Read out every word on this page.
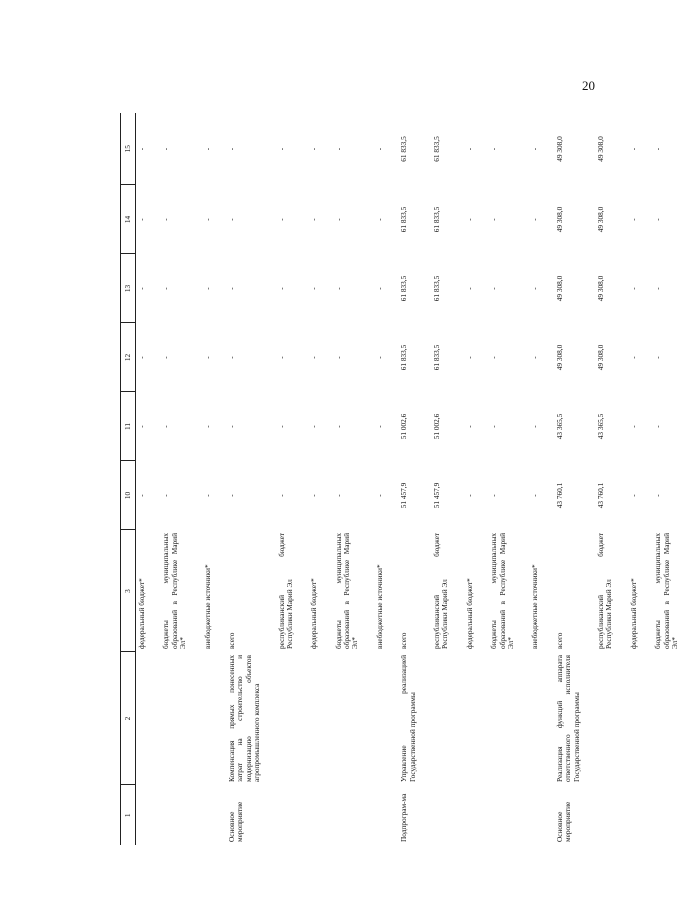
20
1	2	3	10	11	12	13	14	15
		федеральный бюджет*	-	-	-	-	-	-
		бюджеты муниципальных образований в Республике Марий Эл*	-	-	-	-	-	-
		внебюджетные источники*	-	-	-	-	-	-
Основное мероприятие	Компенсация прямых понесенных затрат на строительство и модернизацию объектов агропромышленного комплекса	всего	-	-	-	-	-	-
		республиканский бюджет Республики Марий Эл	-	-	-	-	-	-
		федеральный бюджет*	-	-	-	-	-	-
		бюджеты муниципальных образований в Республике Марий Эл*	-	-	-	-	-	-
		внебюджетные источники*	-	-	-	-	-	-
Подпрограм-ма	Управление реализацией Государственной программы	всего	51 457,9	51 002,6	61 833,5	61 833,5	61 833,5	61 833,5
		республиканский бюджет Республики Марий Эл	51 457,9	51 002,6	61 833,5	61 833,5	61 833,5	61 833,5
		федеральный бюджет*	-	-	-	-	-	-
		бюджеты муниципальных образований в Республике Марий Эл*	-	-	-	-	-	-
		внебюджетные источники*	-	-	-	-	-	-
Основное мероприятие	Реализация функций аппарата ответственного исполнителя Государственной программы	всего	43 760,1	43 365,5	49 308,0	49 308,0	49 308,0	49 308,0
		республиканский бюджет Республики Марий Эл	43 760,1	43 365,5	49 308,0	49 308,0	49 308,0	49 308,0
		федеральный бюджет*	-	-	-	-	-	-
		бюджеты муниципальных образований в Республике Марий Эл*	-	-	-	-	-	-
